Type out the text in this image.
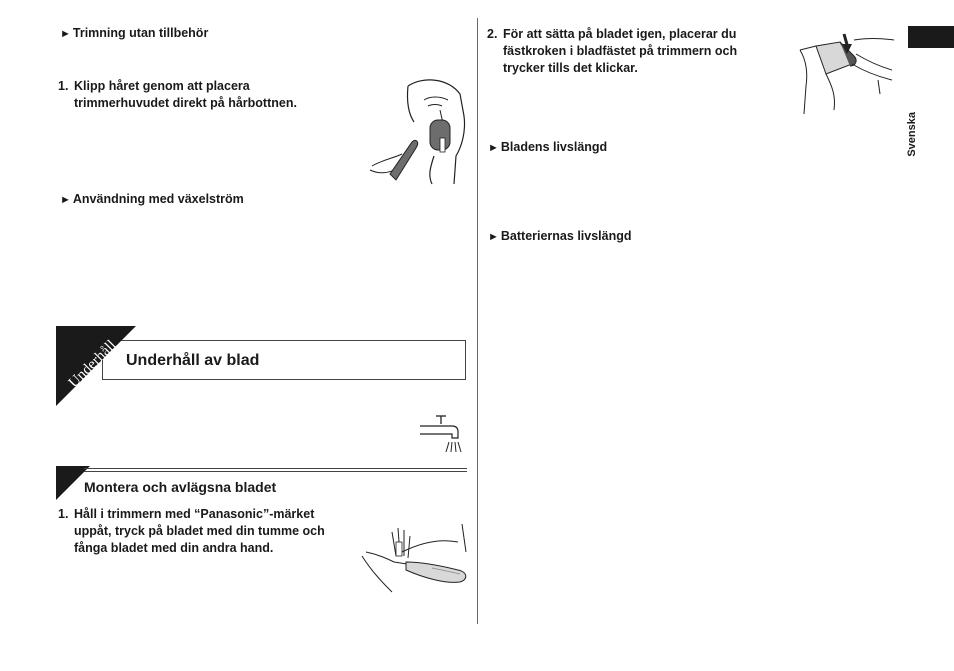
► Trimning utan tillbehör
1. Klipp håret genom att placera
trimmerhuvudet direkt på hårbottnen.
► Användning med växelström
Underhåll Underhåll av blad
Montera och avlägsna bladet
1. Håll i trimmern med “Panasonic”-märket
uppåt, tryck på bladet med din tumme och
fånga bladet med din andra hand.
2. För att sätta på bladet igen, placerar du
fästkroken i bladfästet på trimmern och
trycker tills det klickar.
► Bladens livslängd
► Batteriernas livslängd
Svenska
